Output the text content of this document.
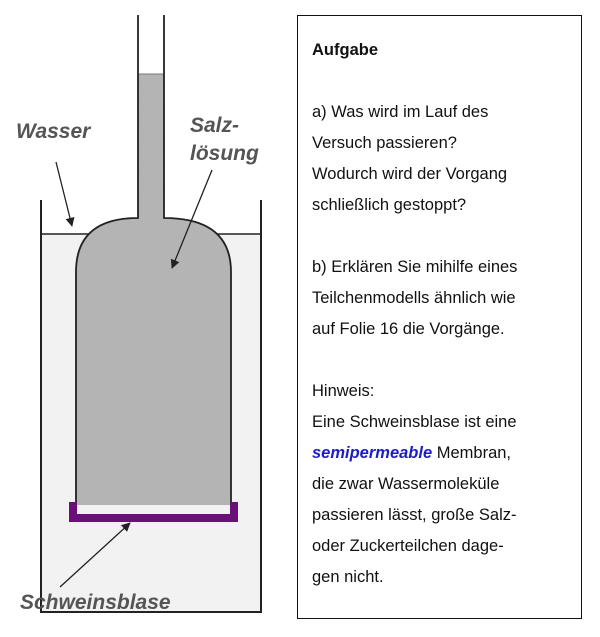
Wasser	Salz-
lösung
Schweinsblase
Aufgabe
a) Was wird im Lauf des
Versuch passieren?
Wodurch wird der Vorgang
schließlich gestoppt?
b) Erklären Sie mihilfe eines
Teilchenmodells ähnlich wie
auf Folie 16 die Vorgänge.
Hinweis:
Eine Schweinsblase ist eine
semipermeable Membran,
die zwar Wassermoleküle
passieren lässt, große Salz-
oder Zuckerteilchen dage-
gen nicht.
